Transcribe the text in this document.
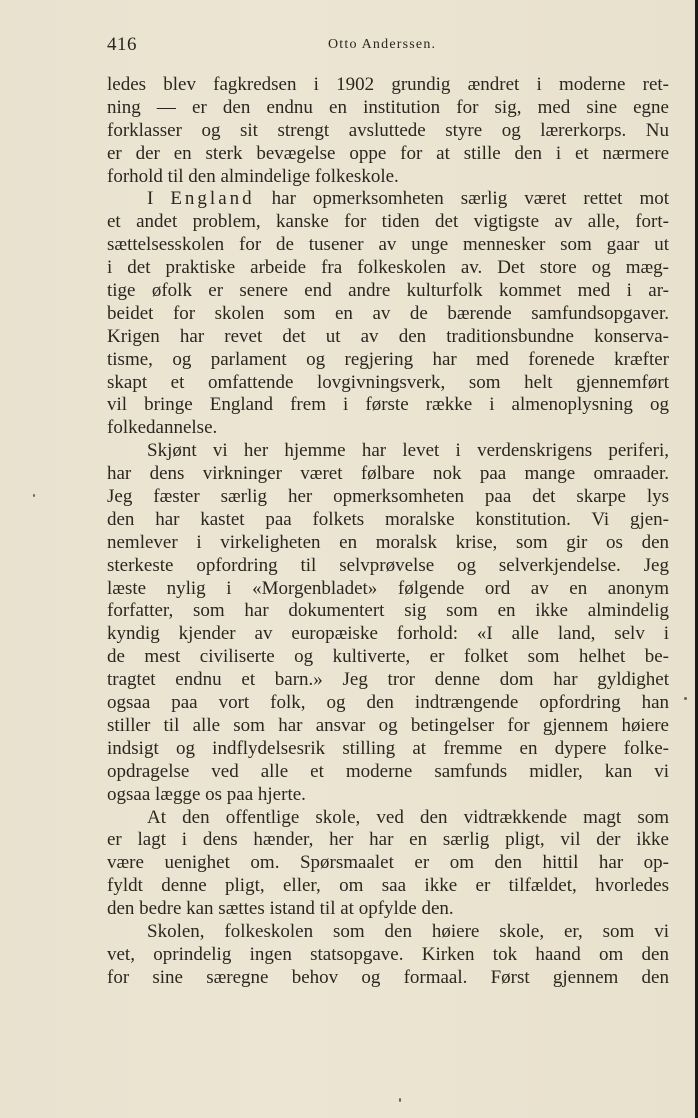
416	Otto Anderssen.
ledes blev fagkredsen i 1902 grundig ændret i moderne ret-
ning — er den endnu en institution for sig, med sine egne
forklasser og sit strengt avsluttede styre og lærerkorps. Nu
er der en sterk bevægelse oppe for at stille den i et nærmere
forhold til den almindelige folkeskole.
I England har opmerksomheten særlig været rettet mot
et andet problem, kanske for tiden det vigtigste av alle, fort-
sættelsesskolen for de tusener av unge mennesker som gaar ut
i det praktiske arbeide fra folkeskolen av. Det store og mæg-
tige øfolk er senere end andre kulturfolk kommet med i ar-
beidet for skolen som en av de bærende samfundsopgaver.
Krigen har revet det ut av den traditionsbundne konserva-
tisme, og parlament og regjering har med forenede kræfter
skapt et omfattende lovgivningsverk, som helt gjennemført
vil bringe England frem i første række i almenoplysning og
folkedannelse.
Skjønt vi her hjemme har levet i verdenskrigens periferi,
har dens virkninger været følbare nok paa mange omraader.
Jeg fæster særlig her opmerksomheten paa det skarpe lys
den har kastet paa folkets moralske konstitution. Vi gjen-
nemlever i virkeligheten en moralsk krise, som gir os den
sterkeste opfordring til selvprøvelse og selverkjendelse. Jeg
læste nylig i «Morgenbladet» følgende ord av en anonym
forfatter, som har dokumentert sig som en ikke almindelig
kyndig kjender av europæiske forhold: «I alle land, selv i
de mest civiliserte og kultiverte, er folket som helhet be-
tragtet endnu et barn.» Jeg tror denne dom har gyldighet
ogsaa paa vort folk, og den indtrængende opfordring han
stiller til alle som har ansvar og betingelser for gjennem høiere
indsigt og indflydelsesrik stilling at fremme en dypere folke-
opdragelse ved alle et moderne samfunds midler, kan vi
ogsaa lægge os paa hjerte.
At den offentlige skole, ved den vidtrækkende magt som
er lagt i dens hænder, her har en særlig pligt, vil der ikke
være uenighet om. Spørsmaalet er om den hittil har op-
fyldt denne pligt, eller, om saa ikke er tilfældet, hvorledes
den bedre kan sættes istand til at opfylde den.
Skolen, folkeskolen som den høiere skole, er, som vi
vet, oprindelig ingen statsopgave. Kirken tok haand om den
for sine særegne behov og formaal. Først gjennem den
